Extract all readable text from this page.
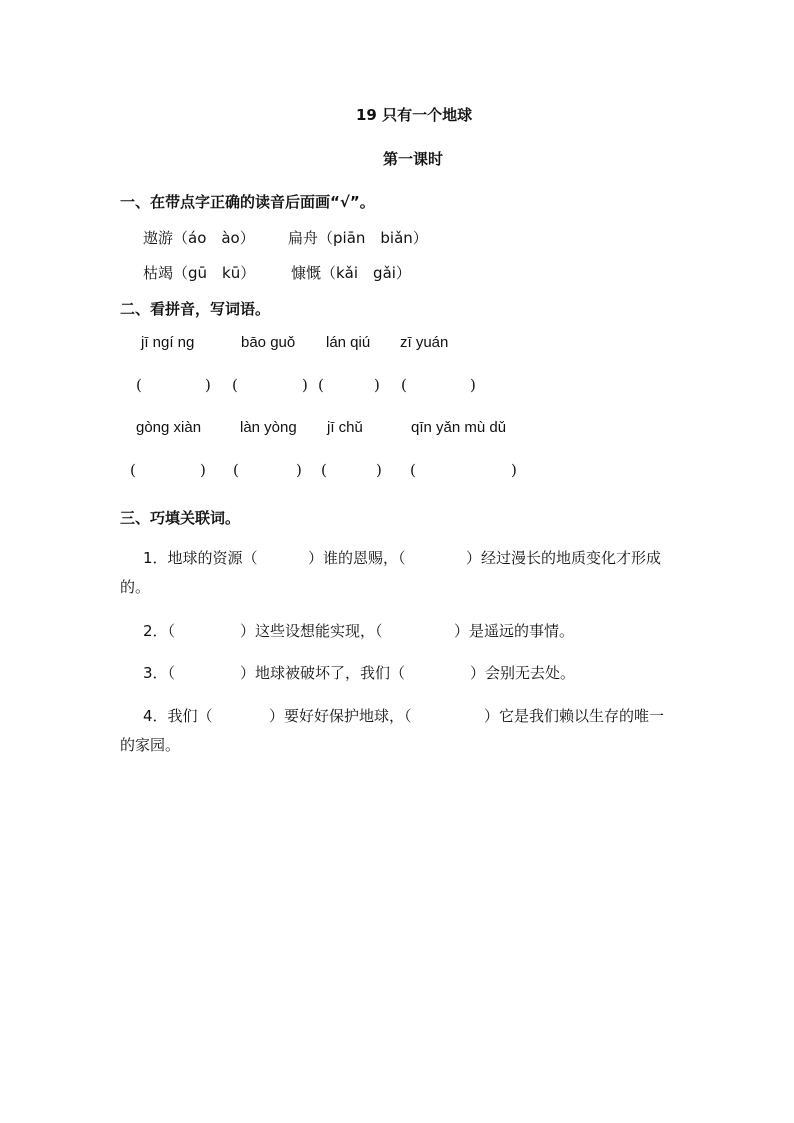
19 只有一个地球
第一课时
一、在带点字正确的读音后面画“√”。
遨游（áo　ào） 扁舟（piān　biǎn）
枯竭（gū　kū） 慷慨（kǎi　gǎi）
二、看拼音，写词语。
jī ngí ng	bāo guǒ lán qiú zī yuán
(	) (	) (	) (	)
gòng xiàn	làn yòng jī chǔ	qīn yǎn mù dǔ
(	) (	) (	) (	)
三、巧填关联词。
1．地球的资源（	）谁的恩赐，（	）经过漫长的地质变化才形成
的。
2．（	）这些设想能实现，（	）是遥远的事情。
3．（	）地球被破坏了，我们（	）会别无去处。
4．我们（	）要好好保护地球，（	）它是我们赖以生存的唯一
的家园。
